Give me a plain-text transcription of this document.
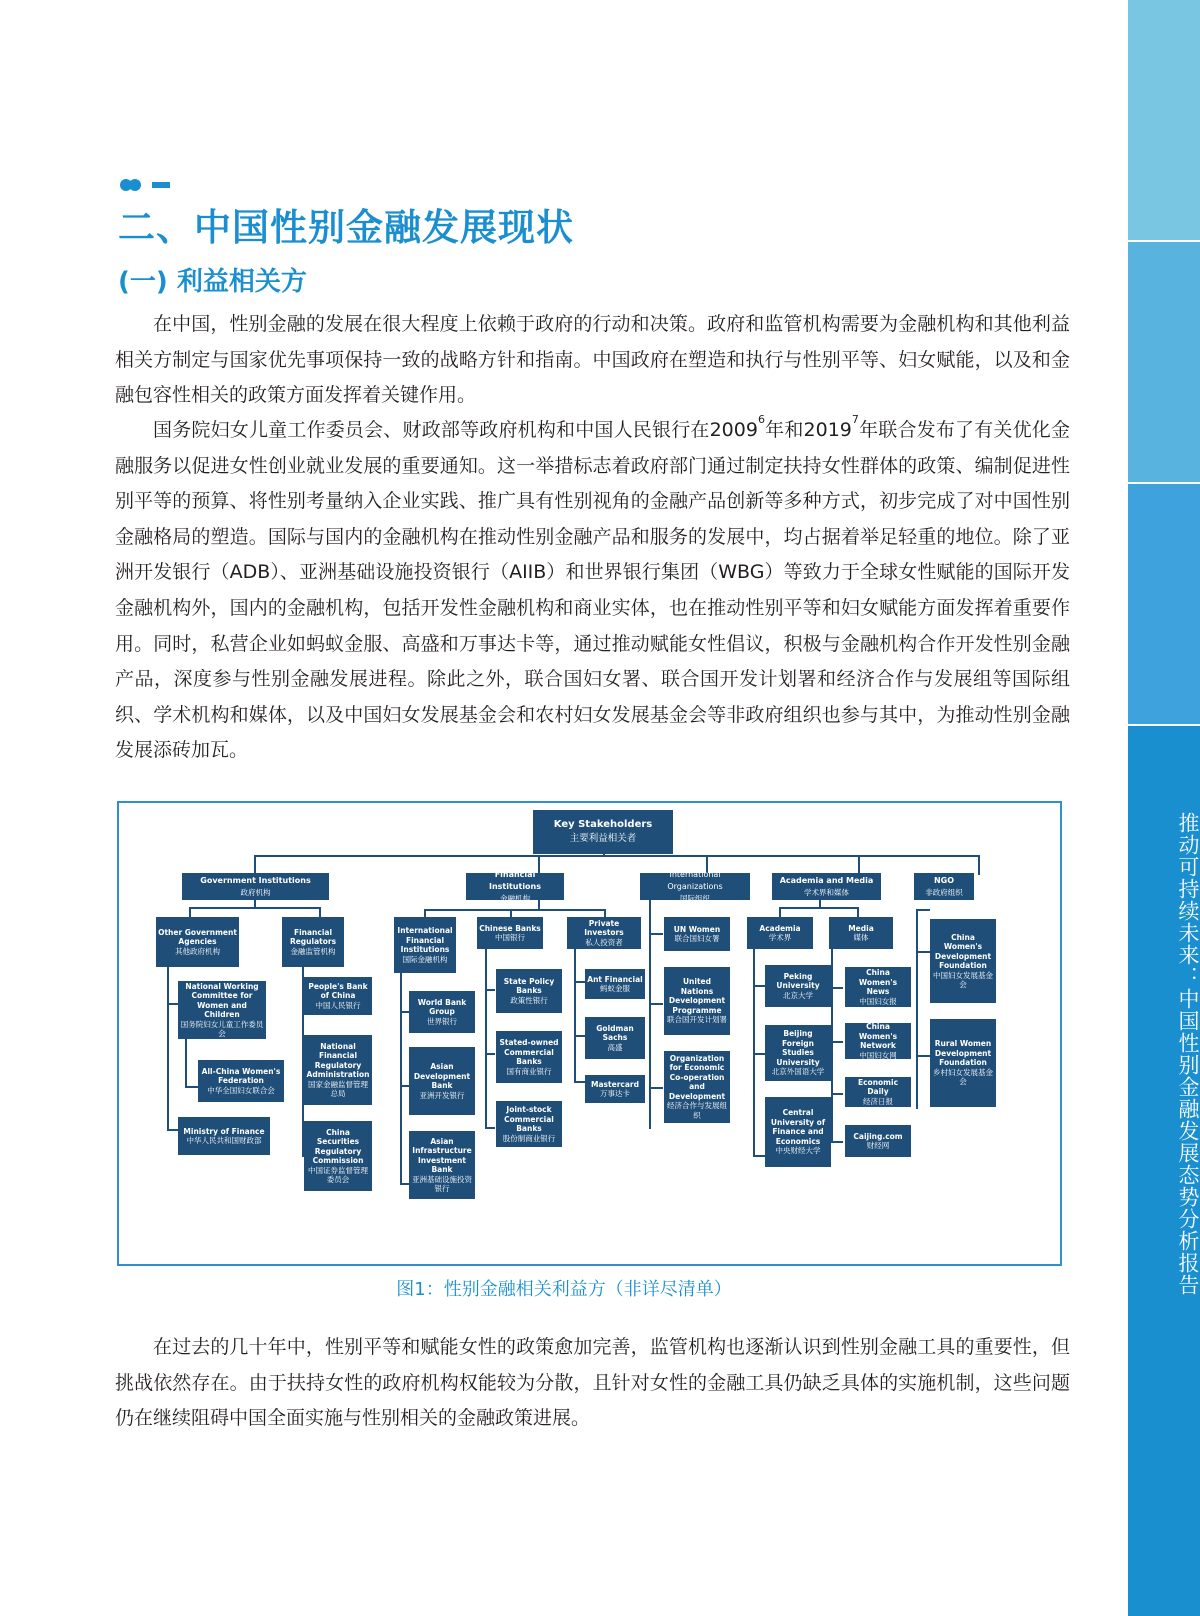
推动可持续未来：中国性别金融发展态势分析报告
二、中国性别金融发展现状
(一) 利益相关方
在中国，性别金融的发展在很大程度上依赖于政府的行动和决策。政府和监管机构需要为金融机构和其他利益相关方制定与国家优先事项保持一致的战略方针和指南。中国政府在塑造和执行与性别平等、妇女赋能，以及和金融包容性相关的政策方面发挥着关键作用。
国务院妇女儿童工作委员会、财政部等政府机构和中国人民银行在2009$^6$年和2019$^7$年联合发布了有关优化金融服务以促进女性创业就业发展的重要通知。这一举措标志着政府部门通过制定扶持女性群体的政策、编制促进性别平等的预算、将性别考量纳入企业实践、推广具有性别视角的金融产品创新等多种方式，初步完成了对中国性别金融格局的塑造。国际与国内的金融机构在推动性别金融产品和服务的发展中，均占据着举足轻重的地位。除了亚洲开发银行（ADB）、亚洲基础设施投资银行（AIIB）和世界银行集团（WBG）等致力于全球女性赋能的国际开发金融机构外，国内的金融机构，包括开发性金融机构和商业实体，也在推动性别平等和妇女赋能方面发挥着重要作用。同时，私营企业如蚂蚁金服、高盛和万事达卡等，通过推动赋能女性倡议，积极与金融机构合作开发性别金融产品，深度参与性别金融发展进程。除此之外，联合国妇女署、联合国开发计划署和经济合作与发展组等国际组织、学术机构和媒体，以及中国妇女发展基金会和农村妇女发展基金会等非政府组织也参与其中，为推动性别金融发展添砖加瓦。
Key Stakeholders
主要利益相关者
Government Institutions
政府机构
Financial Institutions
金融机构
International Organizations
国际组织
Academia and Media
学术界和媒体
NGO
非政府组织
Other Government Agencies
其他政府机构
Financial Regulators
金融监管机构
National Working Committee for Women and Children
国务院妇女儿童工作委员会
All-China Women's Federation
中华全国妇女联合会
Ministry of Finance
中华人民共和国财政部
People's Bank of China
中国人民银行
National Financial Regulatory Administration
国家金融监督管理总局
China Securities Regulatory Commission
中国证券监督管理委员会
International Financial Institutions
国际金融机构
Chinese Banks
中国银行
Private Investors
私人投资者
World Bank Group
世界银行
Asian Development Bank
亚洲开发银行
Asian Infrastructure Investment Bank
亚洲基础设施投资银行
State Policy Banks
政策性银行
Stated-owned Commercial Banks
国有商业银行
Joint-stock Commercial Banks
股份制商业银行
Ant Financial
蚂蚁金服
Goldman Sachs
高盛
Mastercard
万事达卡
UN Women
联合国妇女署
United Nations Development Programme
联合国开发计划署
Organization for Economic Co-operation and Development
经济合作与发展组织
Academia
学术界
Media
媒体
Peking University
北京大学
Beijing Foreign Studies University
北京外国语大学
Central University of Finance and Economics
中央财经大学
China Women's News
中国妇女报
China Women's Network
中国妇女网
Economic Daily
经济日报
Caijing.com
财经网
China Women's Development Foundation
中国妇女发展基金会
Rural Women Development Foundation
乡村妇女发展基金会
图1：性别金融相关利益方（非详尽清单）
在过去的几十年中，性别平等和赋能女性的政策愈加完善，监管机构也逐渐认识到性别金融工具的重要性，但挑战依然存在。由于扶持女性的政府机构权能较为分散，且针对女性的金融工具仍缺乏具体的实施机制，这些问题仍在继续阻碍中国全面实施与性别相关的金融政策进展。
